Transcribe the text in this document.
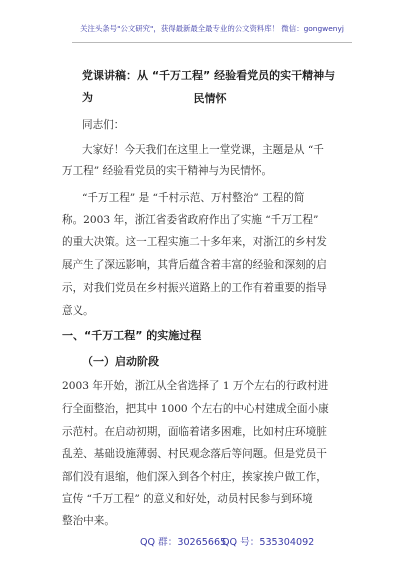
关注头条号"公文研究"，获得最新最全最专业的公文资料库！ 微信：gongwenyj
党课讲稿：从 “千万工程” 经验看党员的实干精神与为	民情怀
同志们：
大家好！今天我们在这里上一堂党课，主题是从 “千
万工程” 经验看党员的实干精神与为民情怀。
“千万工程” 是 “千村示范、万村整治” 工程的简
称。2003 年，浙江省委省政府作出了实施 “千万工程”
的重大决策。这一工程实施二十多年来，对浙江的乡村发
展产生了深远影响，其背后蕴含着丰富的经验和深刻的启
示，对我们党员在乡村振兴道路上的工作有着重要的指导
意义。
一、“千万工程” 的实施过程
（一）启动阶段
2003 年开始，浙江从全省选择了 1 万个左右的行政村进
行全面整治，把其中 1000 个左右的中心村建成全面小康
示范村。在启动初期，面临着诸多困难，比如村庄环境脏
乱差、基础设施薄弱、村民观念落后等问题。但是党员干
部们没有退缩，他们深入到各个村庄，挨家挨户做工作，
宣传 “千万工程” 的意义和好处，动员村民参与到环境
整治中来。
QQ 群：30265665
QQ 号：535304092
